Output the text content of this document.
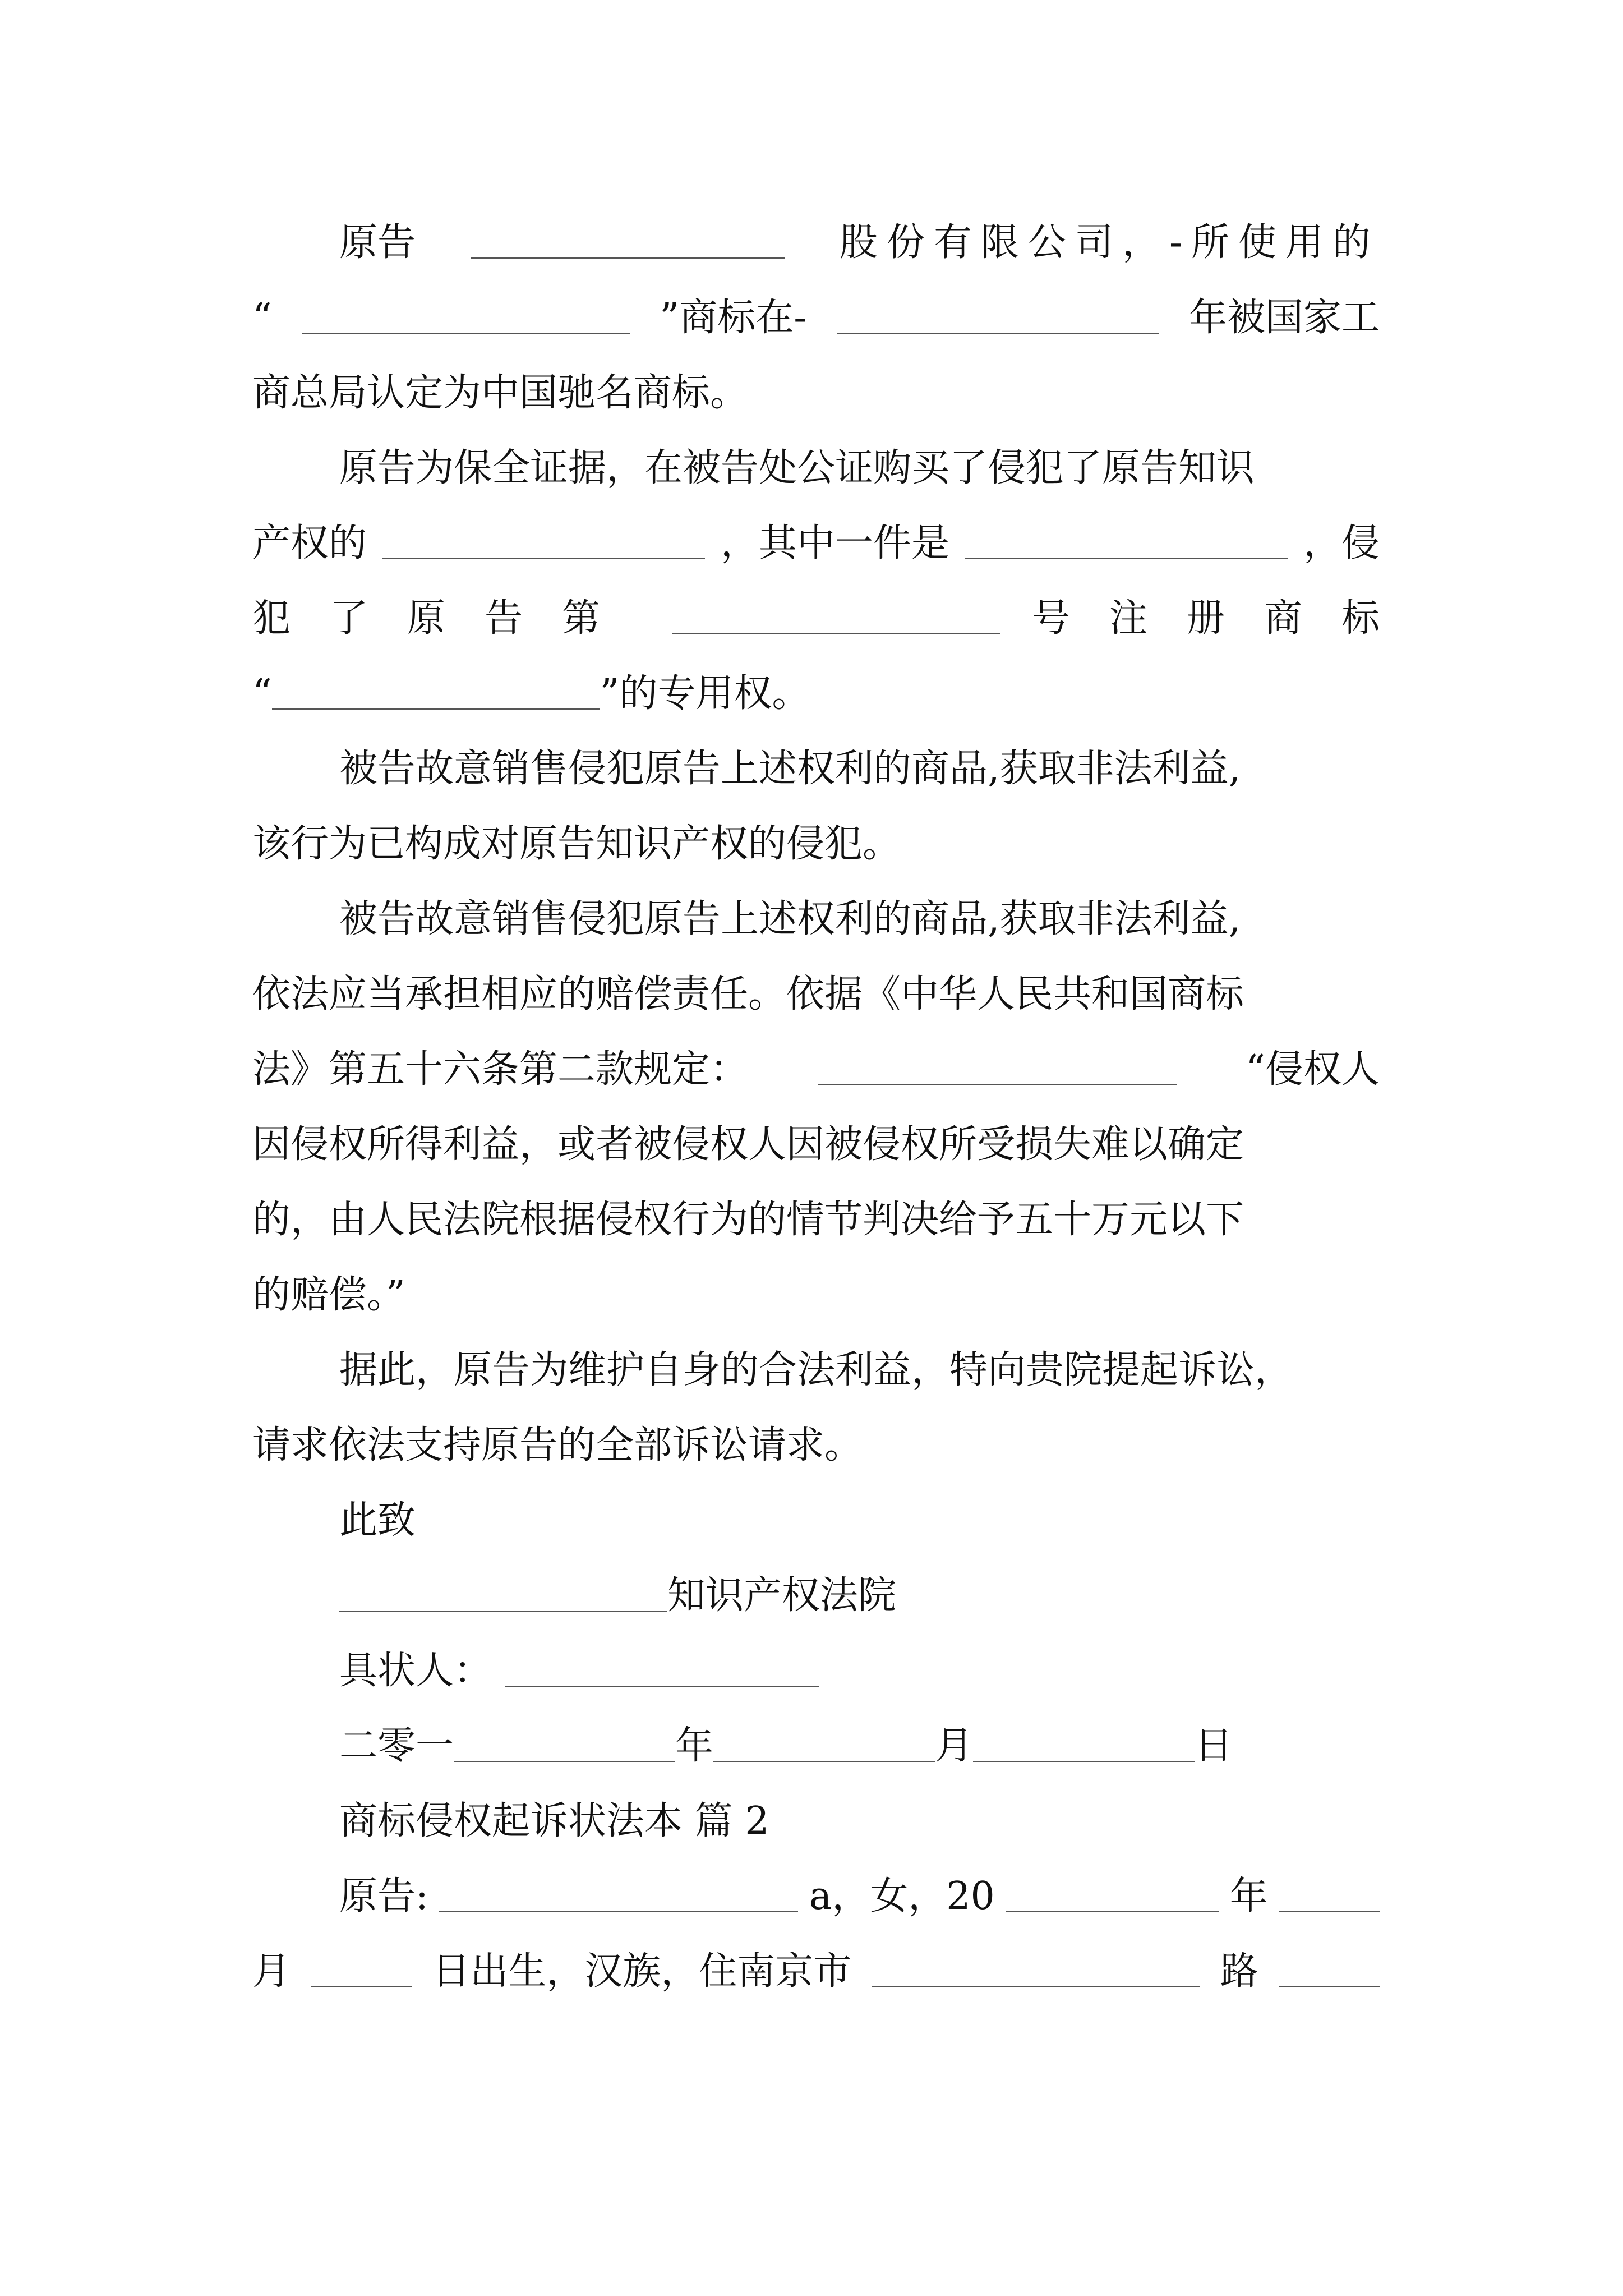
原告	股份有限公司，-所使用的
“	”商标在-	年被国家工
商总局认定为中国驰名商标。
原告为保全证据，在被告处公证购买了侵犯了原告知识
产权的	，其中一件是	，侵
犯了原告第	号注册商标
“	”的专用权。
被告故意销售侵犯原告上述权利的商品,获取非法利益,
该行为已构成对原告知识产权的侵犯。
被告故意销售侵犯原告上述权利的商品,获取非法利益,
依法应当承担相应的赔偿责任。依据《中华人民共和国商标
法》第五十六条第二款规定：	“侵权人
因侵权所得利益，或者被侵权人因被侵权所受损失难以确定
的，由人民法院根据侵权行为的情节判决给予五十万元以下
的赔偿。”
据此，原告为维护自身的合法利益，特向贵院提起诉讼，
请求依法支持原告的全部诉讼请求。
此致
知识产权法院
具状人：
二零一	年	月	日
商标侵权起诉状法本 篇 2
原告:	a，女，20	年
月	日出生，汉族，住南京市	路
